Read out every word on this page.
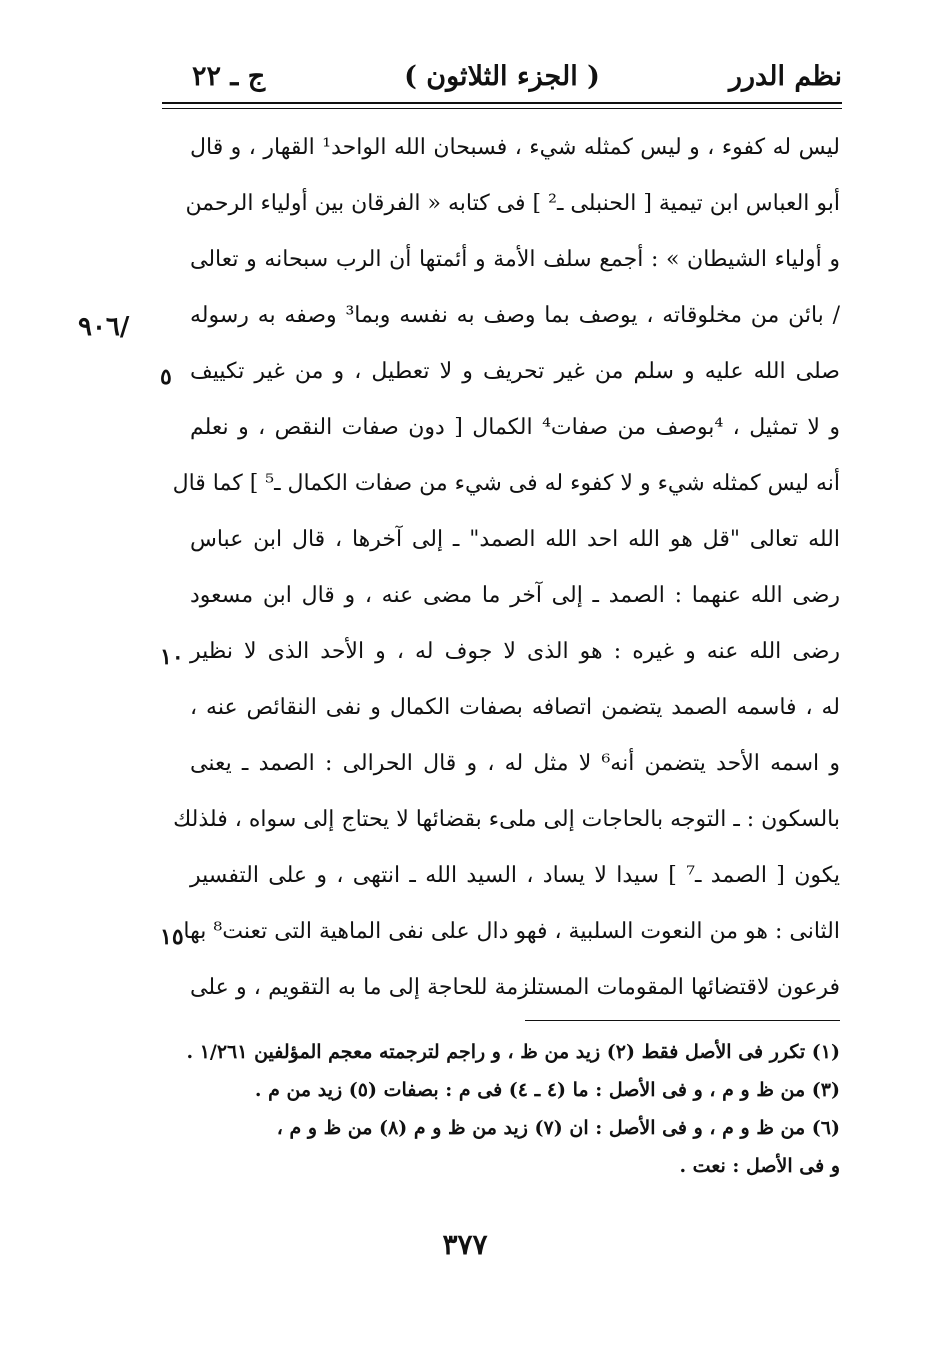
نظم الدرر
( الجزء الثلاثون )
ج ـ ٢٢
/٩٠٦
٥
١٠
١٥
ليس له كفوء ، و ليس كمثله شيء ، فسبحان الله الواحد¹ القهار ، و قال
أبو العباس ابن تيمية [ الحنبلى ـ² ] فى كتابه « الفرقان بين أولياء الرحمن
و أولياء الشيطان » : أجمع سلف الأمة و أئمتها أن الرب سبحانه و تعالى
/ بائن من مخلوقاته ، يوصف بما وصف به نفسه وبما³ وصفه به رسوله
صلى الله عليه و سلم من غير تحريف و لا تعطيل ، و من غير تكييف
و لا تمثيل ، ⁴بوصف من صفات⁴ الكمال [ دون صفات النقص ، و نعلم
أنه ليس كمثله شيء و لا كفوء له فى شيء من صفات الكمال ـ⁵ ] كما قال
الله تعالى "قل هو الله احد الله الصمد" ـ إلى آخرها ، قال ابن عباس
رضى الله عنهما : الصمد ـ إلى آخر ما مضى عنه ، و قال ابن مسعود
رضى الله عنه و غيره : هو الذى لا جوف له ، و الأحد الذى لا نظير
له ، فاسمه الصمد يتضمن اتصافه بصفات الكمال و نفى النقائص عنه ،
و اسمه الأحد يتضمن أنه⁶ لا مثل له ، و قال الحرالى : الصمد ـ يعنى
بالسكون : ـ التوجه بالحاجات إلى ملىء بقضائها لا يحتاج إلى سواه ، فلذلك
يكون [ الصمد ـ⁷ ] سيدا لا يساد ، السيد الله ـ انتهى ، و على التفسير
الثانى : هو من النعوت السلبية ، فهو دال على نفى الماهية التى تعنت⁸ بها
فرعون لاقتضائها المقومات المستلزمة للحاجة إلى ما به التقويم ، و على
(١) تكرر فى الأصل فقط (٢) زيد من ظ ، و راجم لترجمته معجم المؤلفين ١/٢٦١ .
(٣) من ظ و م ، و فى الأصل : ما (٤ ـ ٤) فى م : بصفات (٥) زيد من م .
(٦) من ظ و م ، و فى الأصل : ان (٧) زيد من ظ و م (٨) من ظ و م ،
و فى الأصل : نعت .
٣٧٧
